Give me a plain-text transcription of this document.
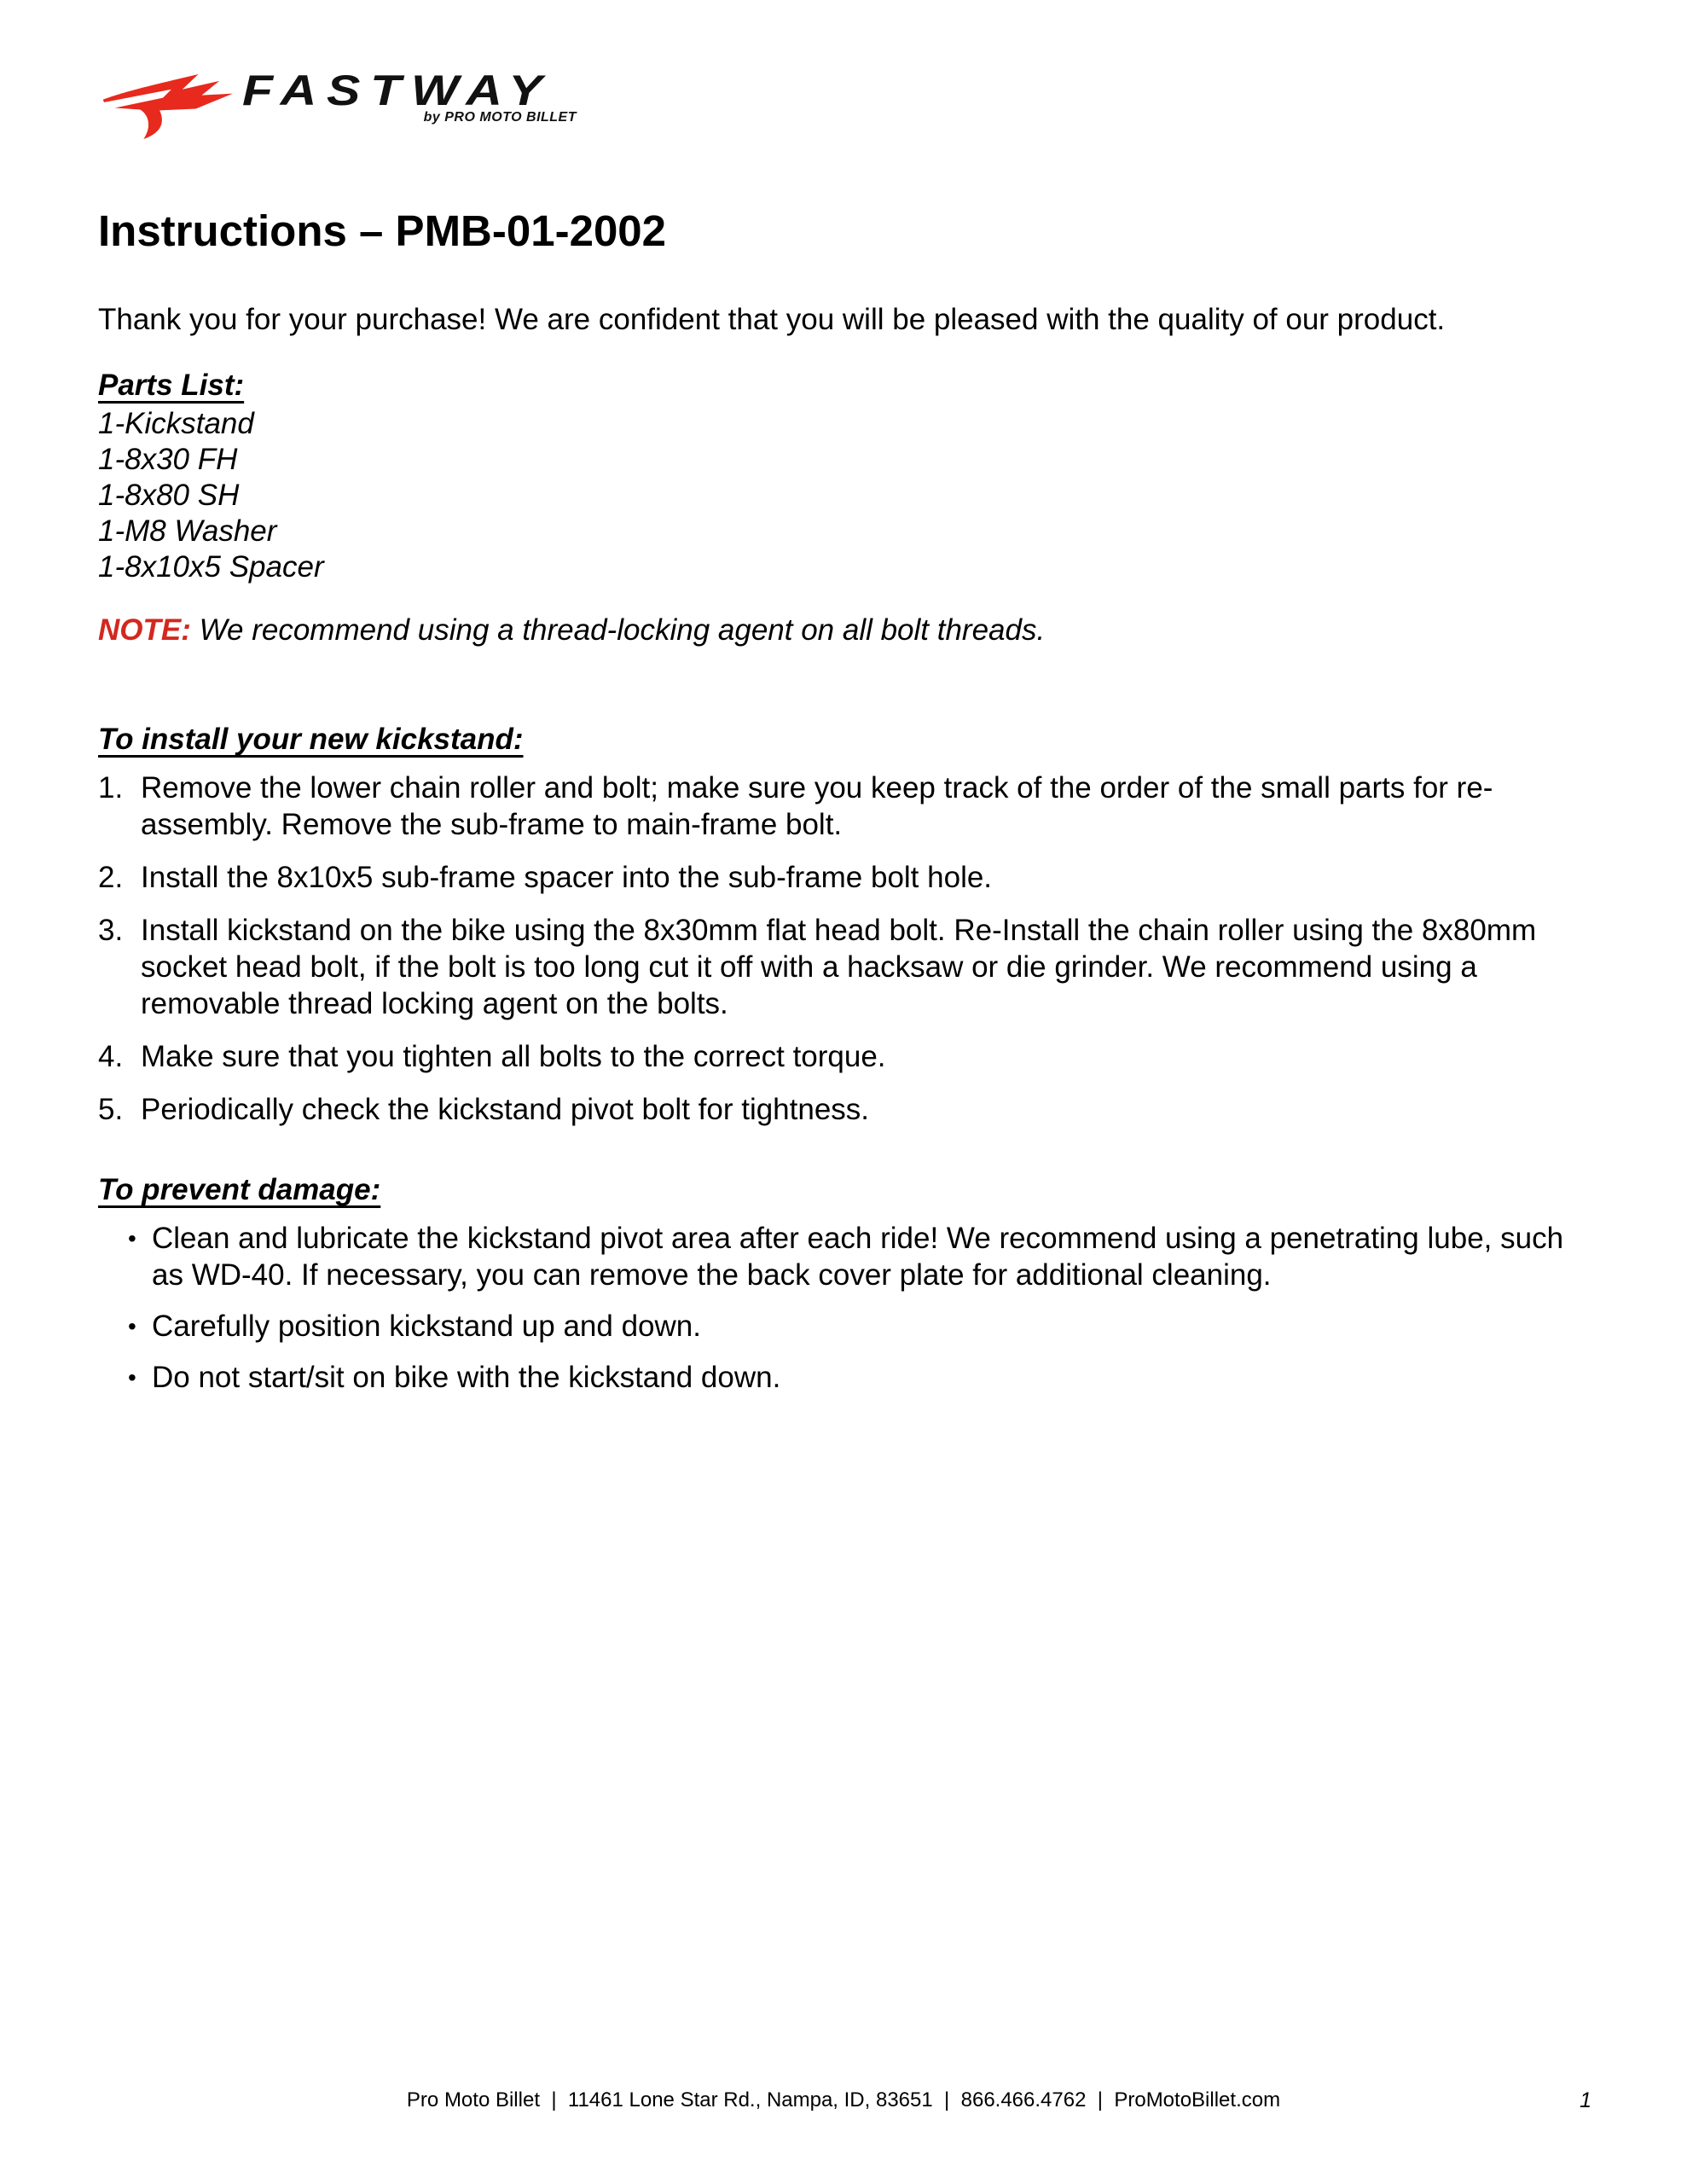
FASTWAY
by PRO MOTO BILLET
Instructions – PMB-01-2002

Thank you for your purchase! We are confident that you will be pleased with the quality of our product.

Parts List:
1-Kickstand
1-8x30 FH
1-8x80 SH
1-M8 Washer
1-8x10x5 Spacer

NOTE: We recommend using a thread-locking agent on all bolt threads.

To install your new kickstand:
1. Remove the lower chain roller and bolt; make sure you keep track of the order of the small parts for re-assembly. Remove the sub-frame to main-frame bolt.
2. Install the 8x10x5 sub-frame spacer into the sub-frame bolt hole.
3. Install kickstand on the bike using the 8x30mm flat head bolt. Re-Install the chain roller using the 8x80mm socket head bolt, if the bolt is too long cut it off with a hacksaw or die grinder. We recommend using a removable thread locking agent on the bolts.
4. Make sure that you tighten all bolts to the correct torque.
5. Periodically check the kickstand pivot bolt for tightness.
To prevent damage:
• Clean and lubricate the kickstand pivot area after each ride! We recommend using a penetrating lube, such as WD-40. If necessary, you can remove the back cover plate for additional cleaning.
• Carefully position kickstand up and down.
• Do not start/sit on bike with the kickstand down.
Pro Moto Billet  |  11461 Lone Star Rd., Nampa, ID, 83651  |  866.466.4762  |  ProMotoBillet.com	1
